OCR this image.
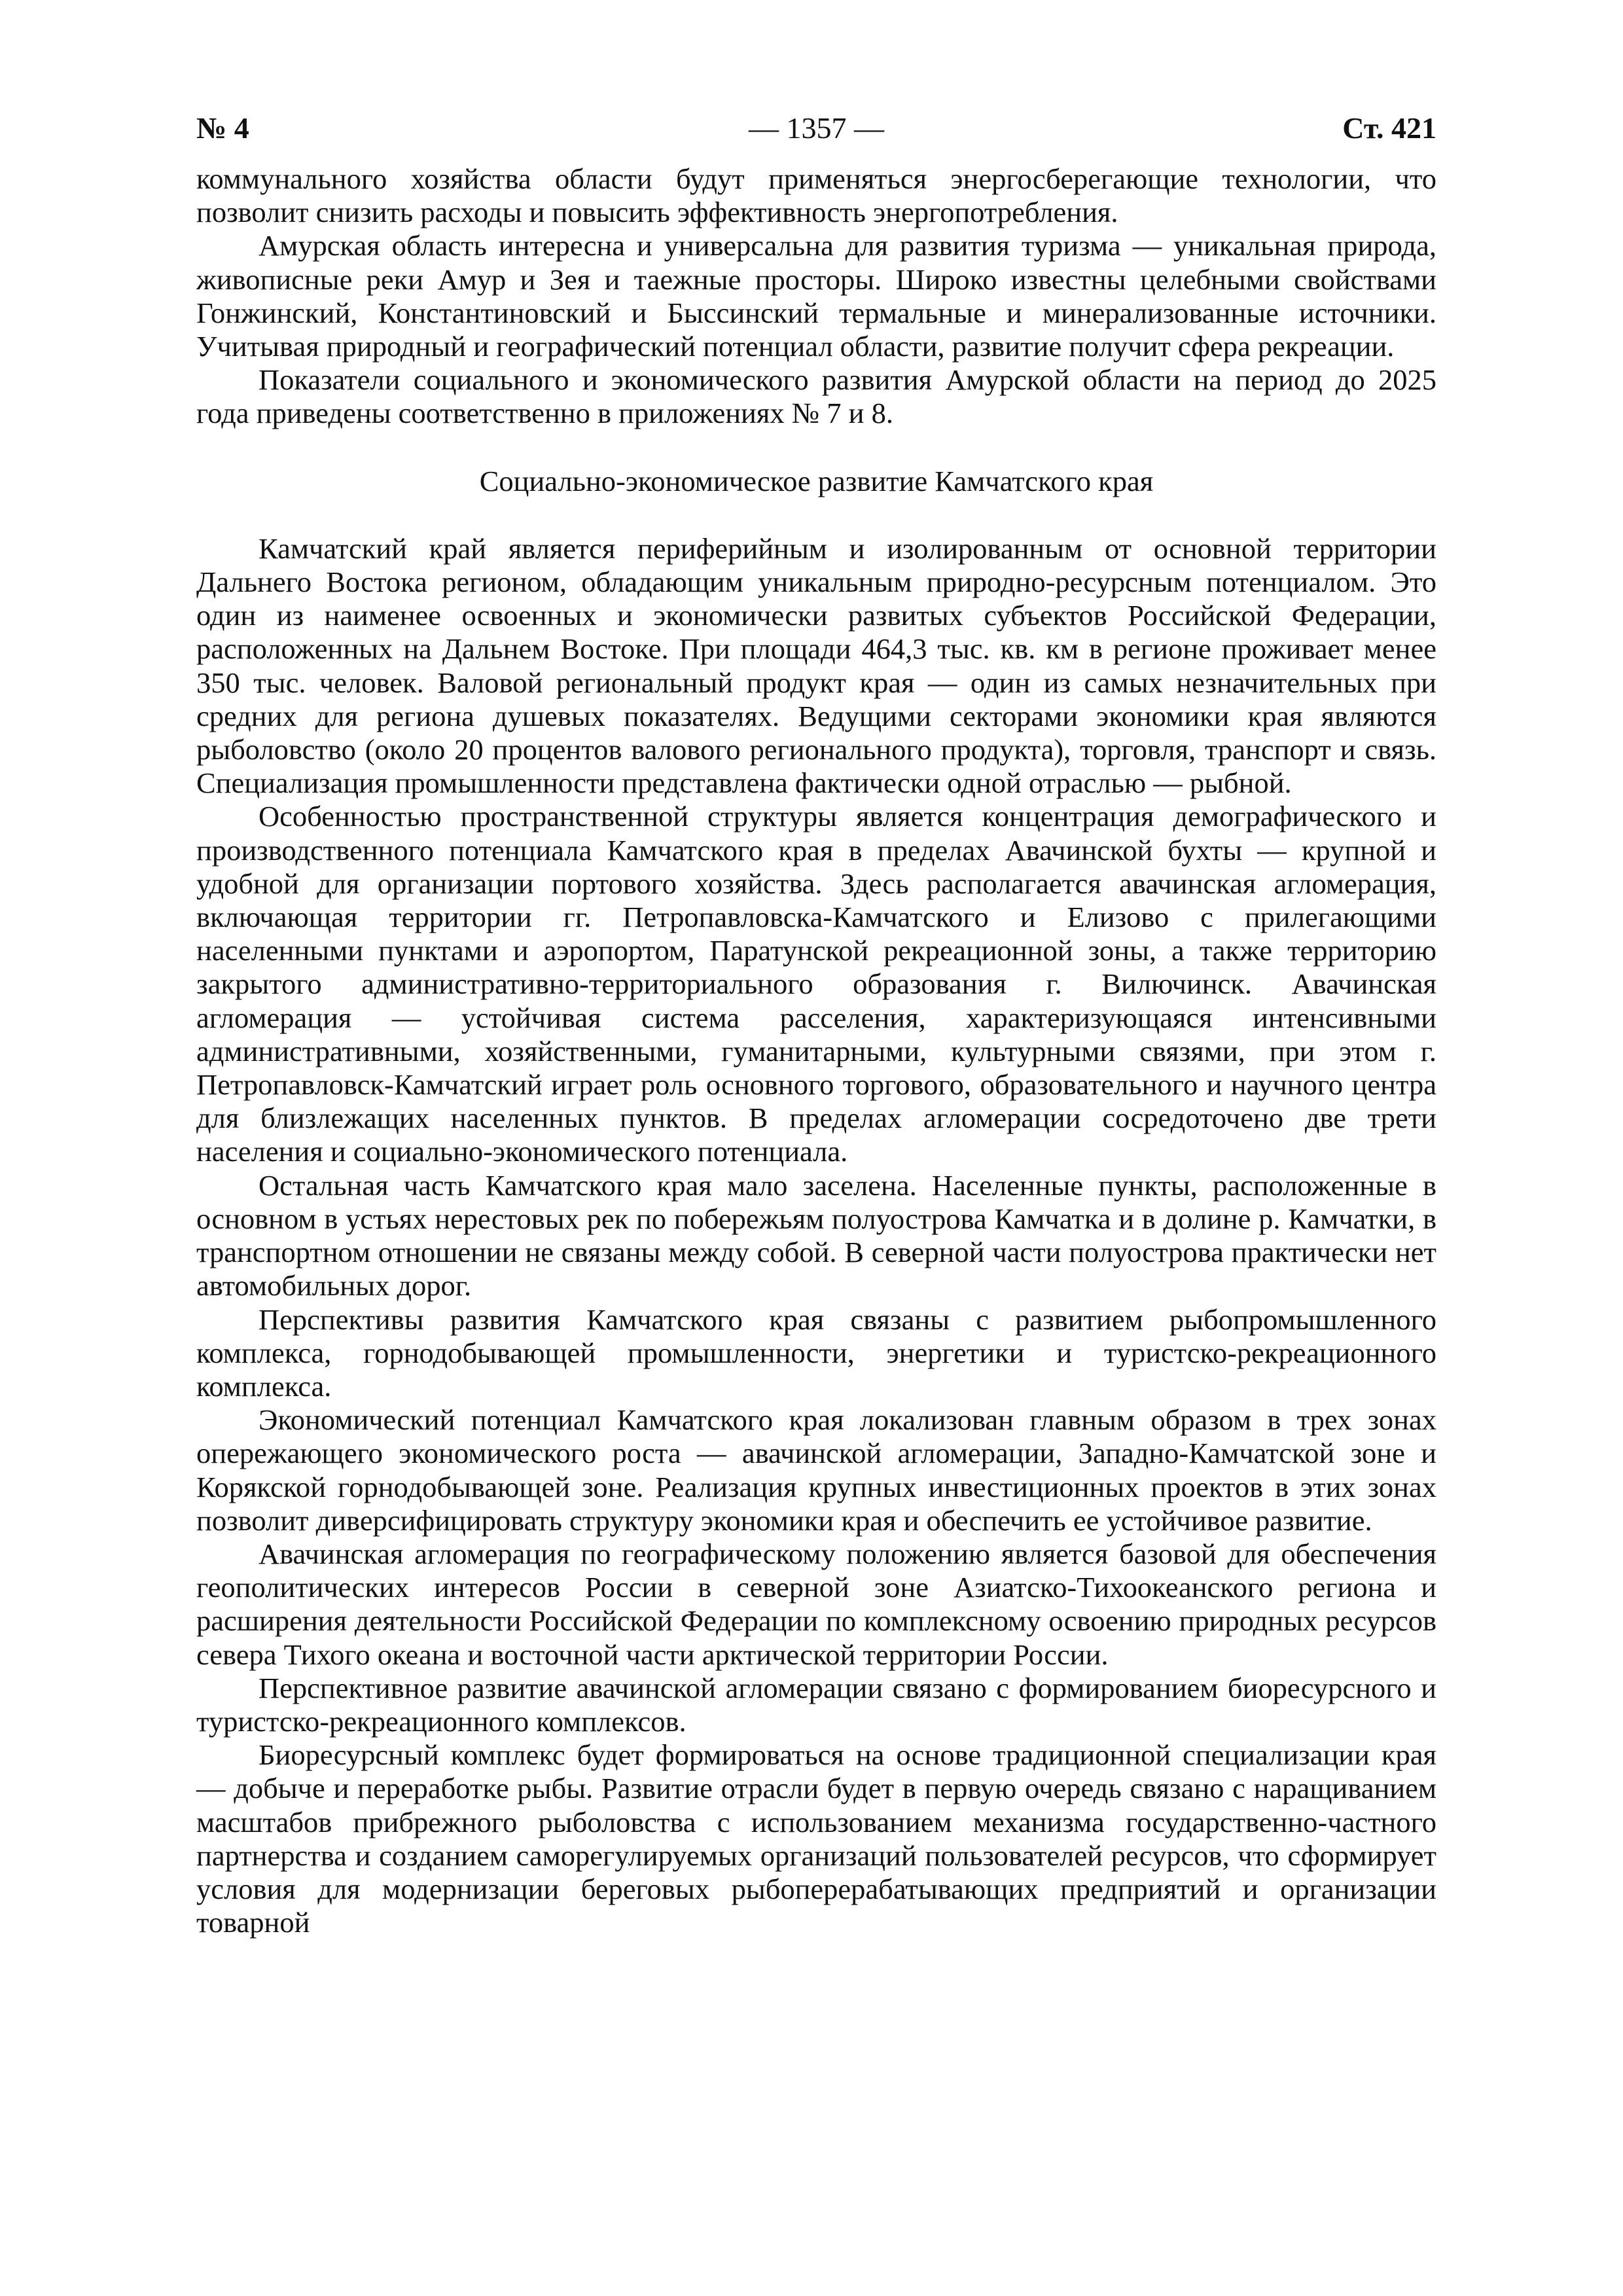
№ 4	— 1357 —	Ст. 421

коммунального хозяйства области будут применяться энергосберегающие технологии, что позволит снизить расходы и повысить эффективность энергопотребления.

Амурская область интересна и универсальна для развития туризма — уникальная природа, живописные реки Амур и Зея и таежные просторы. Широко известны целебными свойствами Гонжинский, Константиновский и Быссинский термальные и минерализованные источники. Учитывая природный и географический потенциал области, развитие получит сфера рекреации.

Показатели социального и экономического развития Амурской области на период до 2025 года приведены соответственно в приложениях № 7 и 8.

Социально-экономическое развитие Камчатского края

Камчатский край является периферийным и изолированным от основной территории Дальнего Востока регионом, обладающим уникальным природно-ресурсным потенциалом. Это один из наименее освоенных и экономически развитых субъектов Российской Федерации, расположенных на Дальнем Востоке. При площади 464,3 тыс. кв. км в регионе проживает менее 350 тыс. человек. Валовой региональный продукт края — один из самых незначительных при средних для региона душевых показателях. Ведущими секторами экономики края являются рыболовство (около 20 процентов валового регионального продукта), торговля, транспорт и связь. Специализация промышленности представлена фактически одной отраслью — рыбной.

Особенностью пространственной структуры является концентрация демографического и производственного потенциала Камчатского края в пределах Авачинской бухты — крупной и удобной для организации портового хозяйства. Здесь располагается авачинская агломерация, включающая территории гг. Петропавловска-Камчатского и Елизово с прилегающими населенными пунктами и аэропортом, Паратунской рекреационной зоны, а также территорию закрытого административно-территориального образования г. Вилючинск. Авачинская агломерация — устойчивая система расселения, характеризующаяся интенсивными административными, хозяйственными, гуманитарными, культурными связями, при этом г. Петропавловск-Камчатский играет роль основного торгового, образовательного и научного центра для близлежащих населенных пунктов. В пределах агломерации сосредоточено две трети населения и социально-экономического потенциала.

Остальная часть Камчатского края мало заселена. Населенные пункты, расположенные в основном в устьях нерестовых рек по побережьям полуострова Камчатка и в долине р. Камчатки, в транспортном отношении не связаны между собой. В северной части полуострова практически нет автомобильных дорог.

Перспективы развития Камчатского края связаны с развитием рыбопромышленного комплекса, горнодобывающей промышленности, энергетики и туристско-рекреационного комплекса.

Экономический потенциал Камчатского края локализован главным образом в трех зонах опережающего экономического роста — авачинской агломерации, Западно-Камчатской зоне и Корякской горнодобывающей зоне. Реализация крупных инвестиционных проектов в этих зонах позволит диверсифицировать структуру экономики края и обеспечить ее устойчивое развитие.

Авачинская агломерация по географическому положению является базовой для обеспечения геополитических интересов России в северной зоне Азиатско-Тихоокеанского региона и расширения деятельности Российской Федерации по комплексному освоению природных ресурсов севера Тихого океана и восточной части арктической территории России.

Перспективное развитие авачинской агломерации связано с формированием биоресурсного и туристско-рекреационного комплексов.

Биоресурсный комплекс будет формироваться на основе традиционной специализации края — добыче и переработке рыбы. Развитие отрасли будет в первую очередь связано с наращиванием масштабов прибрежного рыболовства с использованием механизма государственно-частного партнерства и созданием саморегулируемых организаций пользователей ресурсов, что сформирует условия для модернизации береговых рыбоперерабатывающих предприятий и организации товарной
